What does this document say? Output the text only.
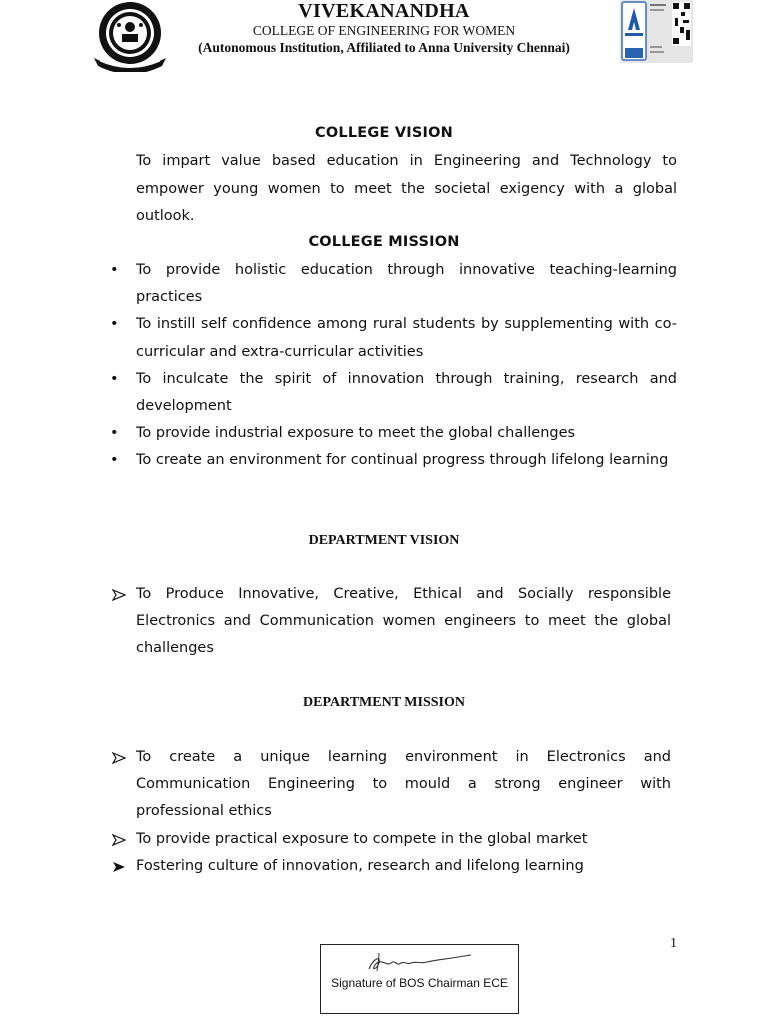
VIVEKANANDHA
COLLEGE OF ENGINEERING FOR WOMEN
(Autonomous Institution, Affiliated to Anna University Chennai)
COLLEGE VISION
To impart value based education in Engineering and Technology to empower young women to meet the societal exigency with a global outlook.
COLLEGE MISSION
• To provide holistic education through innovative teaching-learning practices
• To instill self confidence among rural students by supplementing with co-curricular and extra-curricular activities
• To inculcate the spirit of innovation through training, research and development
• To provide industrial exposure to meet the global challenges
• To create an environment for continual progress through lifelong learning
DEPARTMENT VISION
To Produce Innovative, Creative, Ethical and Socially responsible Electronics and Communication women engineers to meet the global challenges
DEPARTMENT MISSION
To create a unique learning environment in Electronics and Communication Engineering to mould a strong engineer with professional ethics
To provide practical exposure to compete in the global market
Fostering culture of innovation, research and lifelong learning
1
Signature of BOS Chairman ECE
